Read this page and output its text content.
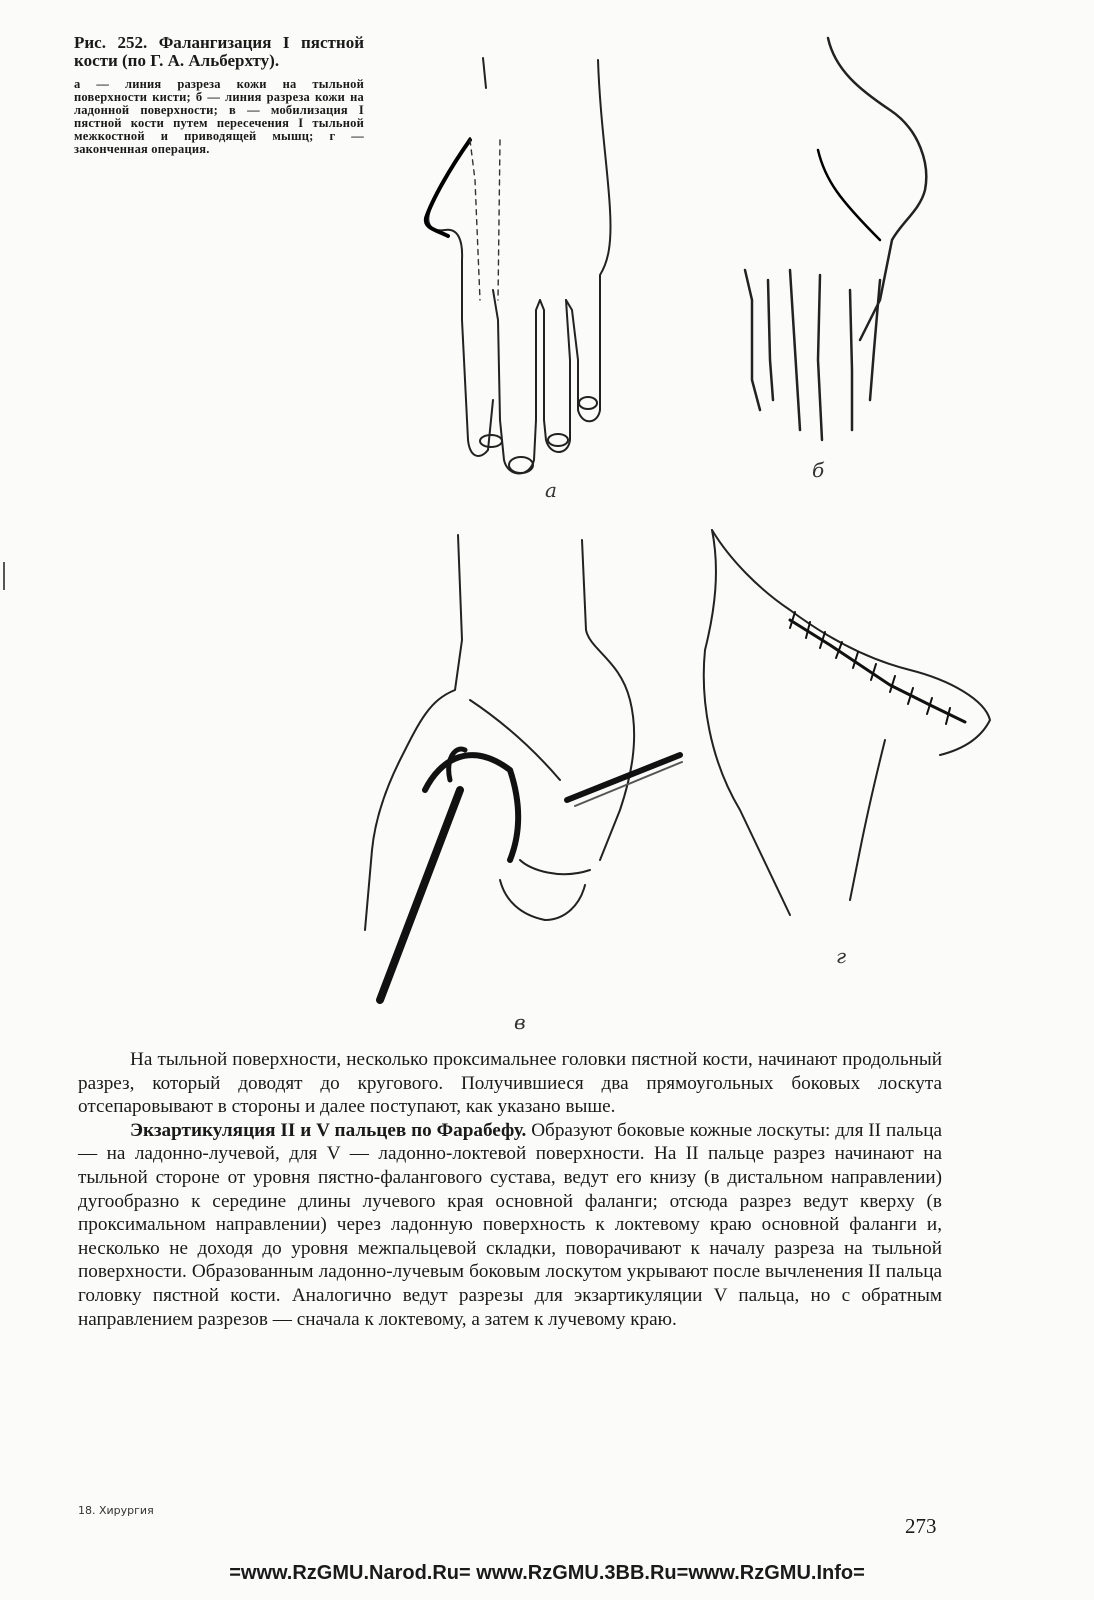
Рис. 252. Фалангизация I пястной кости (по Г. А. Альберхту).

а — линия разреза кожи на тыльной поверхности кисти; б — линия разреза кожи на ладонной поверхности; в — мобилизация I пястной кости путем пересечения I тыльной межкостной и приводящей мышц; г — законченная операция.

а
б
в
г

На тыльной поверхности, несколько проксимальнее головки пястной кости, начинают продольный разрез, который доводят до кругового. Получившиеся два прямоугольных боковых лоскута отсепаровывают в стороны и далее поступают, как указано выше.

Экзартикуляция II и V пальцев по Фарабефу. Образуют боковые кожные лоскуты: для II пальца — на ладонно-лучевой, для V — ладонно-локтевой поверхности. На II пальце разрез начинают на тыльной стороне от уровня пястно-фалангового сустава, ведут его книзу (в дистальном направлении) дугообразно к середине длины лучевого края основной фаланги; отсюда разрез ведут кверху (в проксимальном направлении) через ладонную поверхность к локтевому краю основной фаланги и, несколько не доходя до уровня межпальцевой складки, поворачивают к началу разреза на тыльной поверхности. Образованным ладонно-лучевым боковым лоскутом укрывают после вычленения II пальца головку пястной кости. Аналогично ведут разрезы для экзартикуляции V пальца, но с обратным направлением разрезов — сначала к локтевому, а затем к лучевому краю.

18. Хирургия
273
=www.RzGMU.Narod.Ru= www.RzGMU.3BB.Ru=www.RzGMU.Info=
